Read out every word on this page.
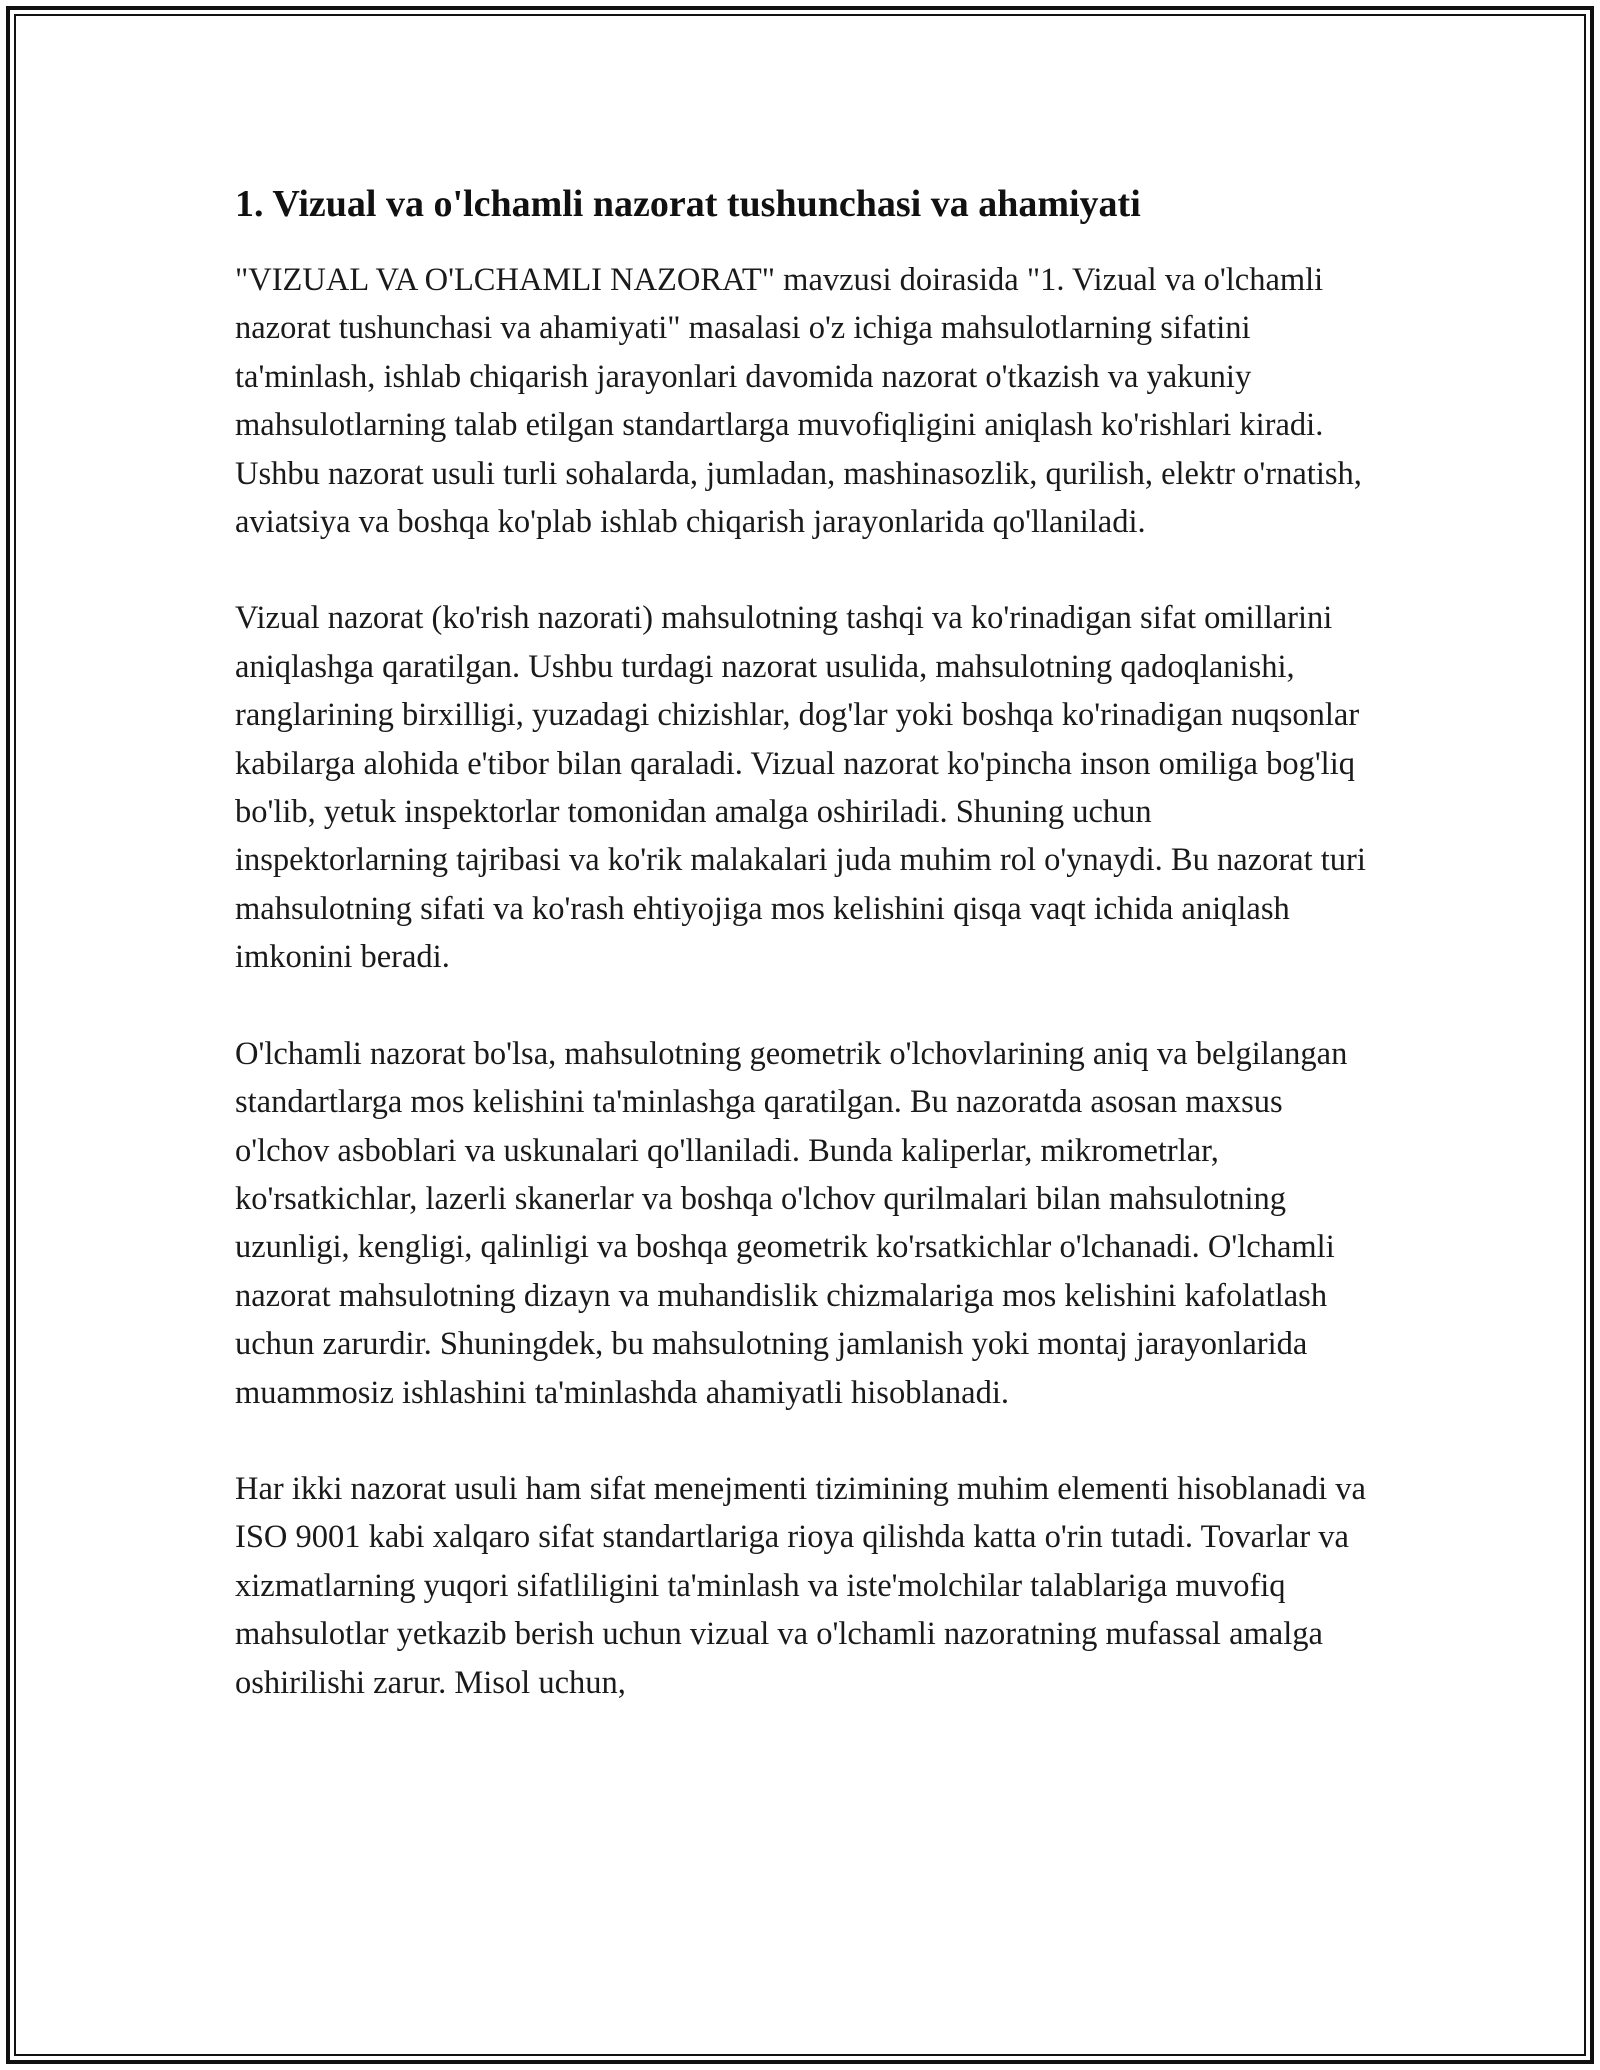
1. Vizual va o'lchamli nazorat tushunchasi va ahamiyati

"VIZUAL VA O'LCHAMLI NAZORAT" mavzusi doirasida "1. Vizual va o'lchamli nazorat tushunchasi va ahamiyati" masalasi o'z ichiga mahsulotlarning sifatini ta'minlash, ishlab chiqarish jarayonlari davomida nazorat o'tkazish va yakuniy mahsulotlarning talab etilgan standartlarga muvofiqligini aniqlash ko'rishlari kiradi. Ushbu nazorat usuli turli sohalarda, jumladan, mashinasozlik, qurilish, elektr o'rnatish, aviatsiya va boshqa ko'plab ishlab chiqarish jarayonlarida qo'llaniladi.

Vizual nazorat (ko'rish nazorati) mahsulotning tashqi va ko'rinadigan sifat omillarini aniqlashga qaratilgan. Ushbu turdagi nazorat usulida, mahsulotning qadoqlanishi, ranglarining birxilligi, yuzadagi chizishlar, dog'lar yoki boshqa ko'rinadigan nuqsonlar kabilarga alohida e'tibor bilan qaraladi. Vizual nazorat ko'pincha inson omiliga bog'liq bo'lib, yetuk inspektorlar tomonidan amalga oshiriladi. Shuning uchun inspektorlarning tajribasi va ko'rik malakalari juda muhim rol o'ynaydi. Bu nazorat turi mahsulotning sifati va ko'rash ehtiyojiga mos kelishini qisqa vaqt ichida aniqlash imkonini beradi.

O'lchamli nazorat bo'lsa, mahsulotning geometrik o'lchovlarining aniq va belgilangan standartlarga mos kelishini ta'minlashga qaratilgan. Bu nazoratda asosan maxsus o'lchov asboblari va uskunalari qo'llaniladi. Bunda kaliperlar, mikrometrlar, ko'rsatkichlar, lazerli skanerlar va boshqa o'lchov qurilmalari bilan mahsulotning uzunligi, kengligi, qalinligi va boshqa geometrik ko'rsatkichlar o'lchanadi. O'lchamli nazorat mahsulotning dizayn va muhandislik chizmalariga mos kelishini kafolatlash uchun zarurdir. Shuningdek, bu mahsulotning jamlanish yoki montaj jarayonlarida muammosiz ishlashini ta'minlashda ahamiyatli hisoblanadi.

Har ikki nazorat usuli ham sifat menejmenti tizimining muhim elementi hisoblanadi va ISO 9001 kabi xalqaro sifat standartlariga rioya qilishda katta o'rin tutadi. Tovarlar va xizmatlarning yuqori sifatliligini ta'minlash va iste'molchilar talablariga muvofiq mahsulotlar yetkazib berish uchun vizual va o'lchamli nazoratning mufassal amalga oshirilishi zarur. Misol uchun,
